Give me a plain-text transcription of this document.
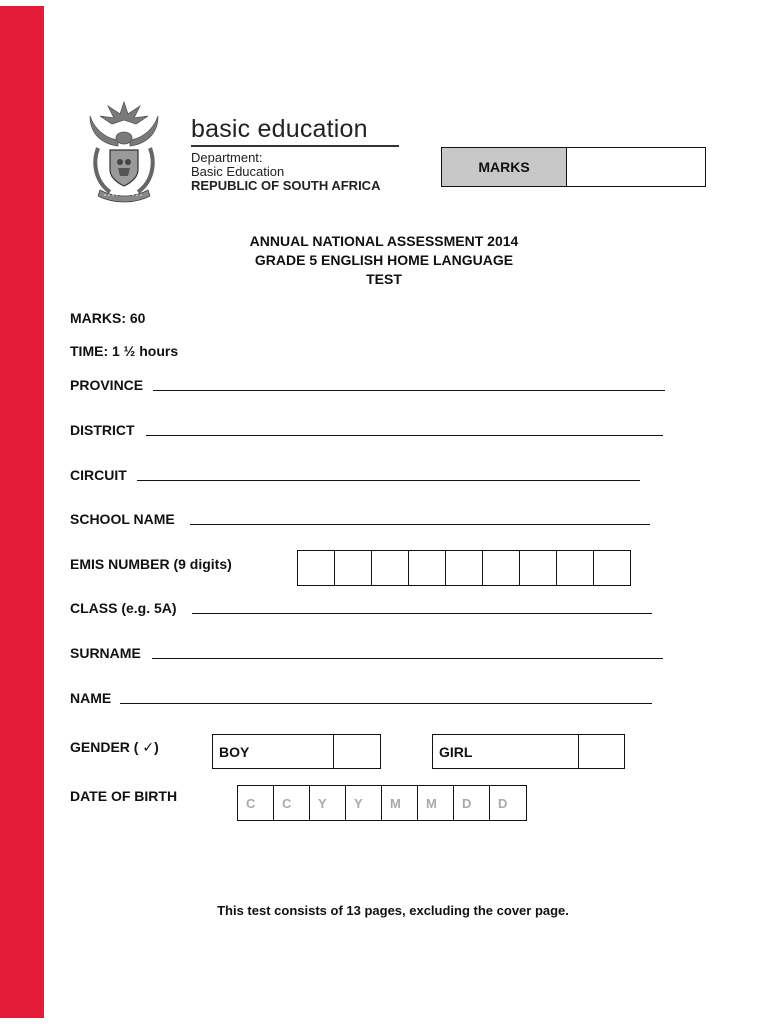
basic education
Department:
Basic Education
REPUBLIC OF SOUTH AFRICA
MARKS
ANNUAL NATIONAL ASSESSMENT 2014
GRADE 5 ENGLISH HOME LANGUAGE
TEST
MARKS: 60
TIME: 1 ½ hours
PROVINCE
DISTRICT
CIRCUIT
SCHOOL NAME
EMIS NUMBER (9 digits)
CLASS (e.g. 5A)
SURNAME
NAME
GENDER ( ✓)	BOY	GIRL
DATE OF BIRTH	C	C	Y	Y	M	M	D	D
This test consists of 13 pages, excluding the cover page.
